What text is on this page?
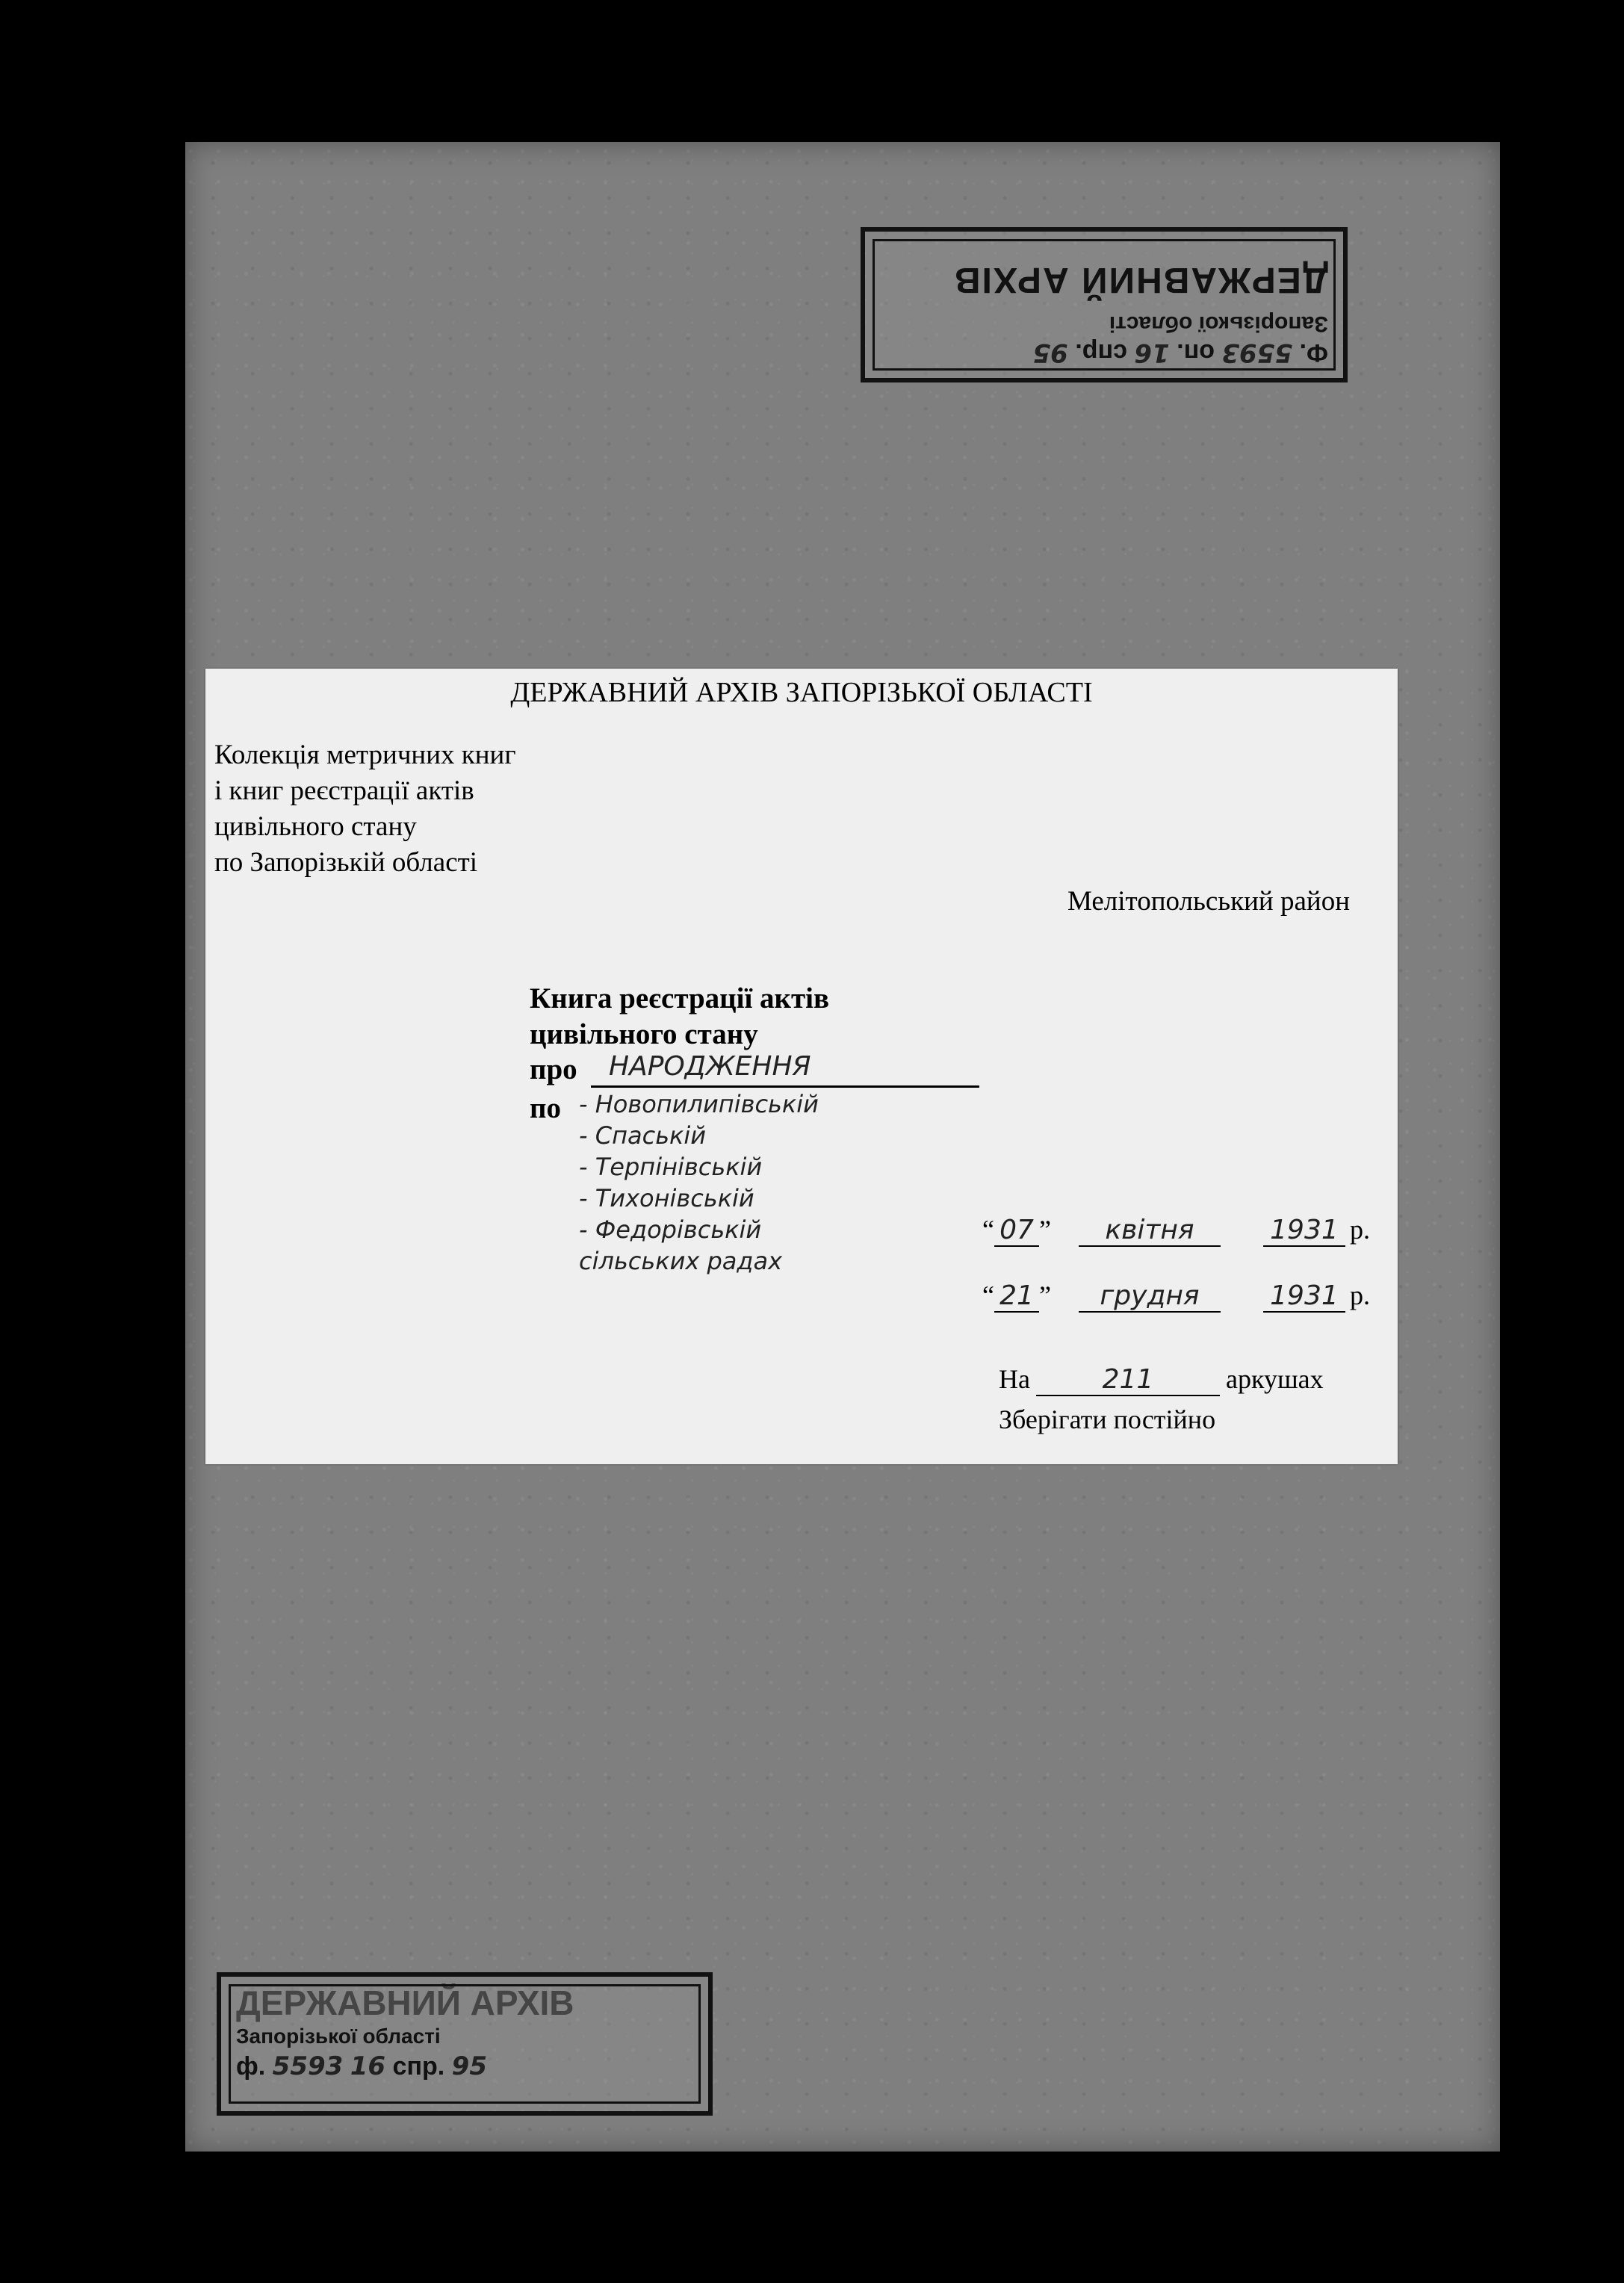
ДЕРЖАВНИЙ АРХІВ
Запорізької області
Ф. 5593 оп. 16 спр. 95
ДЕРЖАВНИЙ АРХІВ ЗАПОРІЗЬКОЇ ОБЛАСТІ
Колекція метричних книг
і книг реєстрації актів
цивільного стану
по Запорізькій області
Мелітопольський район
Книга реєстрації актів
цивільного стану
про НАРОДЖЕННЯ
по - Новопилипівській
- Спаській
- Терпінівській
- Тихонівській
- Федорівській
сільських радах
“ 07 ” квітня	1931 р.
“ 21 ” грудня	1931 р.
На	211	аркушах
Зберігати постійно
ДЕРЖАВНИЙ АРХІВ
Запорізької області
ф. 5593 16 спр. 95
